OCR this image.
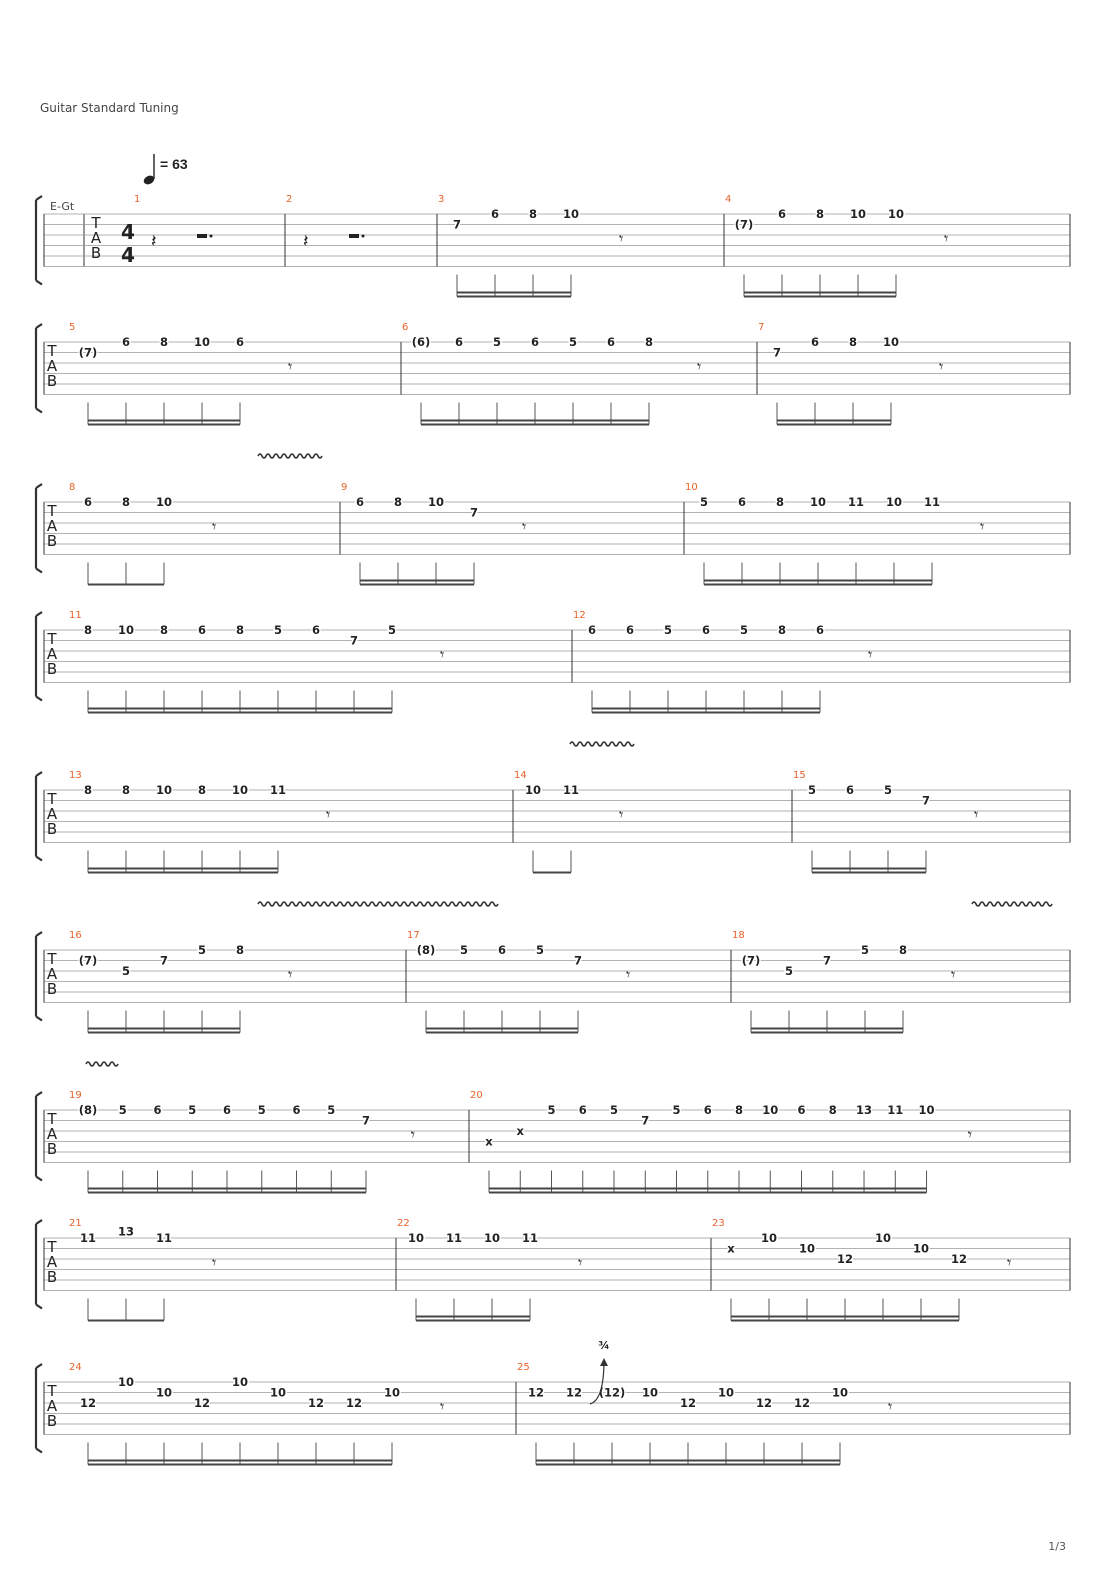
Guitar Standard Tuning
= 63
E-Gt
T
A
B
4
4
1
𝄽
2
𝄽
3
7
6	8 10
𝄾
4
(7)
6	8 10 10
𝄾
T
A
B
5
(7)
6	8 10 6
𝄾
6
(6) 6	5	6	5	6	8
𝄾
7
7
6	8 10
𝄾
T
A
B
8
6	8 10
𝄾
9
6	8 10
7
𝄾
10
5	6	8 10 11 10 11
𝄾
T
A
B
11
8 10 8	6	8	5	6
7
5
𝄾
12
6	6	5	6	5	8	6
𝄾
T
A
B
13
8	8 10 8 10 11
𝄾
14
10 11
𝄾
15
5	6	5
7
𝄾
T
A
B
16
(7)
5
7
5	8
𝄾
17
(8) 5	6	5
7
𝄾
18
(7)
5
7
5	8
𝄾
T
A
B
19
(8) 5 6 5 6 5 6 5
7
𝄾
20
x
x
5 6 5
7
5 6 8 10 6 8 13 11 10
𝄾
T
A
B
21
11 13 11
𝄾
22
10 11 10 11
𝄾
23
x
10
10
12
10
10
12 𝄾
T
A
B
24
12
10
10
12
10
10
12 12
10
𝄾
25
12 12 (12) 10
12
10
12 12
10
𝄾
¾
1/3
